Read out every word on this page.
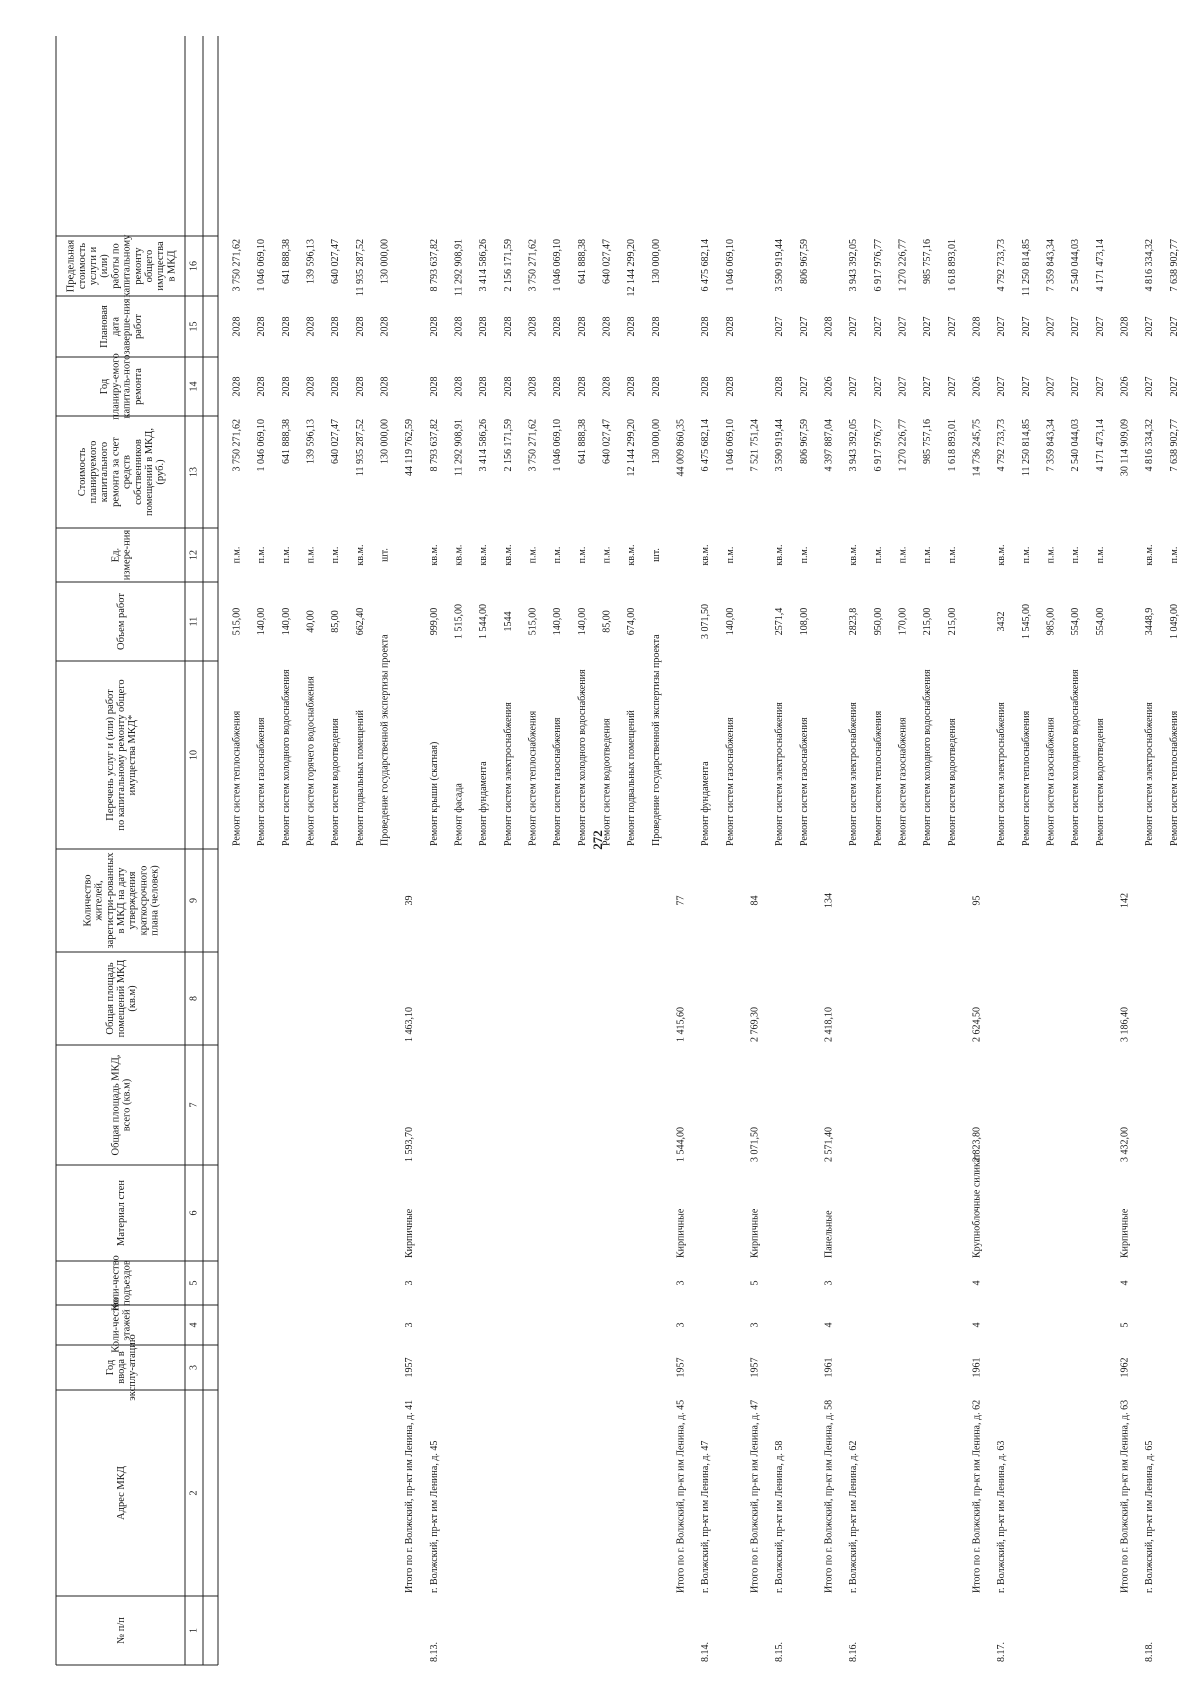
272
№ п/п
Адрес МКД
Год ввода в эксплу-атацию
Коли-чество этажей
Коли-чество подъездов
Материал стен
Общая площадь МКД, всего (кв.м)
Общая площадь помещений МКД (кв.м)
Количество жителей, зарегистри-рованных в МКД на дату утверждения краткосрочного плана (человек)
Перечень услуг и (или) работ по капитальному ремонту общего имущества МКД*
Объем работ
Ед. измере-ния
Стоимость планируемого капитального ремонта за счет средств собственников помещений в МКД, (руб.)
Год планиру-емого капиталь-ного ремонта
Плановая дата заверше-ния работ
Предельная стоимость услуги и (или) работы по капитальному ремонту общего имущества в МКД
1
2
3
4
5
6
7
8
9
10
11
12
13
14
15
16
Ремонт систем теплоснабжения
515,00
п.м.
3 750 271,62
2028
2028
3 750 271,62
Ремонт систем газоснабжения
140,00
п.м.
1 046 069,10
2028
2028
1 046 069,10
Ремонт систем холодного водоснабжения
140,00
п.м.
641 888,38
2028
2028
641 888,38
Ремонт систем горячего водоснабжения
40,00
п.м.
139 596,13
2028
2028
139 596,13
Ремонт систем водоотведения
85,00
п.м.
640 027,47
2028
2028
640 027,47
Ремонт подвальных помещений
662,40
кв.м.
11 935 287,52
2028
2028
11 935 287,52
Проведение государственной экспертизы проекта
шт.
130 000,00
2028
2028
130 000,00
Итого по г. Волжский, пр-кт им Ленина, д. 41
1957
3
3
Кирпичные
1 593,70
1 463,10
39
44 119 762,59
8.13.
г. Волжский, пр-кт им Ленина, д. 45
Ремонт крыши (скатная)
999,00
кв.м.
8 793 637,82
2028
2028
8 793 637,82
Ремонт фасада
1 515,00
кв.м.
11 292 908,91
2028
2028
11 292 908,91
Ремонт фундамента
1 544,00
кв.м.
3 414 586,26
2028
2028
3 414 586,26
Ремонт систем электроснабжения
1544
кв.м.
2 156 171,59
2028
2028
2 156 171,59
Ремонт систем теплоснабжения
515,00
п.м.
3 750 271,62
2028
2028
3 750 271,62
Ремонт систем газоснабжения
140,00
п.м.
1 046 069,10
2028
2028
1 046 069,10
Ремонт систем холодного водоснабжения
140,00
п.м.
641 888,38
2028
2028
641 888,38
Ремонт систем водоотведения
85,00
п.м.
640 027,47
2028
2028
640 027,47
Ремонт подвальных помещений
674,00
кв.м.
12 144 299,20
2028
2028
12 144 299,20
Проведение государственной экспертизы проекта
шт.
130 000,00
2028
2028
130 000,00
Итого по г. Волжский, пр-кт им Ленина, д. 45
1957
3
3
Кирпичные
1 544,00
1 415,60
77
44 009 860,35
8.14.
г. Волжский, пр-кт им Ленина, д. 47
Ремонт фундамента
3 071,50
кв.м.
6 475 682,14
2028
2028
6 475 682,14
Ремонт систем газоснабжения
140,00
п.м.
1 046 069,10
2028
2028
1 046 069,10
Итого по г. Волжский, пр-кт им Ленина, д. 47
1957
3
5
Кирпичные
3 071,50
2 769,30
84
7 521 751,24
8.15.
г. Волжский, пр-кт им Ленина, д. 58
Ремонт систем электроснабжения
2571,4
кв.м.
3 590 919,44
2028
2027
3 590 919,44
Ремонт систем газоснабжения
108,00
п.м.
806 967,59
2027
2027
806 967,59
Итого по г. Волжский, пр-кт им Ленина, д. 58
1961
4
3
Панельные
2 571,40
2 418,10
134
4 397 887,04
2026
2028
8.16.
г. Волжский, пр-кт им Ленина, д. 62
Ремонт систем электроснабжения
2823,8
кв.м.
3 943 392,05
2027
2027
3 943 392,05
Ремонт систем теплоснабжения
950,00
п.м.
6 917 976,77
2027
2027
6 917 976,77
Ремонт систем газоснабжения
170,00
п.м.
1 270 226,77
2027
2027
1 270 226,77
Ремонт систем холодного водоснабжения
215,00
п.м.
985 757,16
2027
2027
985 757,16
Ремонт систем водоотведения
215,00
п.м.
1 618 893,01
2027
2027
1 618 893,01
Итого по г. Волжский, пр-кт им Ленина, д. 62
1961
4
4
Крупноблочные силикат
2 823,80
2 624,50
95
14 736 245,75
2026
2028
8.17.
г. Волжский, пр-кт им Ленина, д. 63
Ремонт систем электроснабжения
3432
кв.м.
4 792 733,73
2027
2027
4 792 733,73
Ремонт систем теплоснабжения
1 545,00
п.м.
11 250 814,85
2027
2027
11 250 814,85
Ремонт систем газоснабжения
985,00
п.м.
7 359 843,34
2027
2027
7 359 843,34
Ремонт систем холодного водоснабжения
554,00
п.м.
2 540 044,03
2027
2027
2 540 044,03
Ремонт систем водоотведения
554,00
п.м.
4 171 473,14
2027
2027
4 171 473,14
Итого по г. Волжский, пр-кт им Ленина, д. 63
1962
5
4
Кирпичные
3 432,00
3 186,40
142
30 114 909,09
2026
2028
8.18.
г. Волжский, пр-кт им Ленина, д. 65
Ремонт систем электроснабжения
3448,9
кв.м.
4 816 334,32
2027
2027
4 816 334,32
Ремонт систем теплоснабжения
1 049,00
п.м.
7 638 902,77
2027
2027
7 638 902,77
